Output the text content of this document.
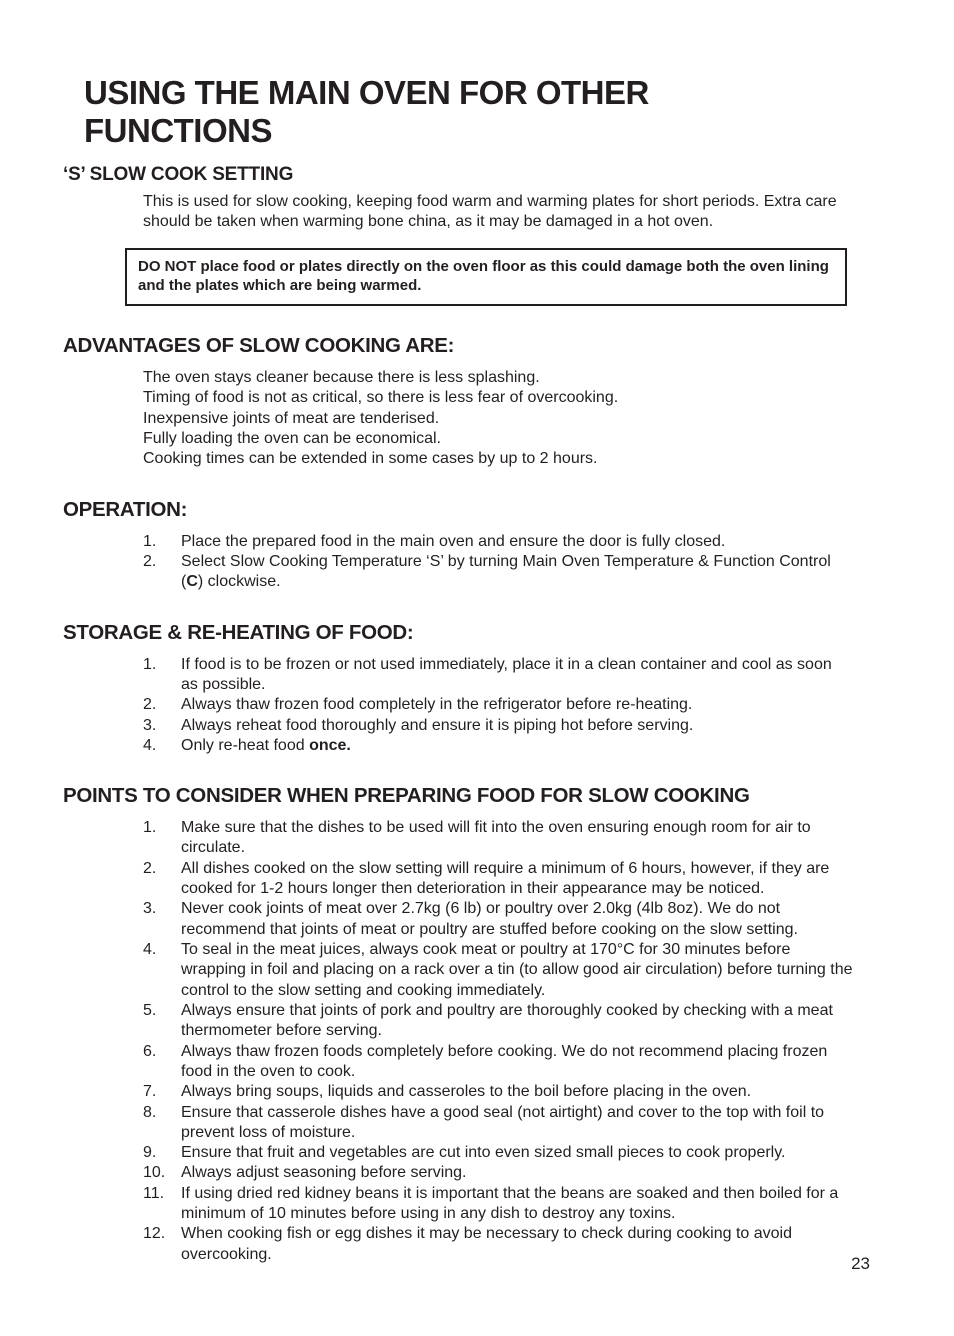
USING THE MAIN OVEN FOR OTHER FUNCTIONS
‘S’ SLOW COOK SETTING

This is used for slow cooking, keeping food warm and warming plates for short periods. Extra care should be taken when warming bone china, as it may be damaged in a hot oven.

DO NOT place food or plates directly on the oven floor as this could damage both the oven lining and the plates which are being warmed.
ADVANTAGES OF SLOW COOKING ARE:
The oven stays cleaner because there is less splashing.
Timing of food is not as critical, so there is less fear of overcooking.
Inexpensive joints of meat are tenderised.
Fully loading the oven can be economical.
Cooking times can be extended in some cases by up to 2 hours.
OPERATION:
1.	Place the prepared food in the main oven and ensure the door is fully closed.
2.	Select Slow Cooking Temperature ‘S’ by turning Main Oven Temperature & Function Control (C) clockwise.
STORAGE & RE-HEATING OF FOOD:
1.	If food is to be frozen or not used immediately, place it in a clean container and cool as soon as possible.
2.	Always thaw frozen food completely in the refrigerator before re-heating.
3.	Always reheat food thoroughly and ensure it is piping hot before serving.
4.	Only re-heat food once.
POINTS TO CONSIDER WHEN PREPARING FOOD FOR SLOW COOKING
1.	Make sure that the dishes to be used will fit into the oven ensuring enough room for air to circulate.
2.	All dishes cooked on the slow setting will require a minimum of 6 hours, however, if they are cooked for 1-2 hours longer then deterioration in their appearance may be noticed.
3.	Never cook joints of meat over 2.7kg (6 lb) or poultry over 2.0kg (4lb 8oz). We do not recommend that joints of meat or poultry are stuffed before cooking on the slow setting.
4.	To seal in the meat juices, always cook meat or poultry at 170°C for 30 minutes before wrapping in foil and placing on a rack over a tin (to allow good air circulation) before turning the control to the slow setting and cooking immediately.
5.	Always ensure that joints of pork and poultry are thoroughly cooked by checking with a meat thermometer before serving.
6.	Always thaw frozen foods completely before cooking. We do not recommend placing frozen food in the oven to cook.
7.	Always bring soups, liquids and casseroles to the boil before placing in the oven.
8.	Ensure that casserole dishes have a good seal (not airtight) and cover to the top with foil to prevent loss of moisture.
9.	Ensure that fruit and vegetables are cut into even sized small pieces to cook properly.
10. Always adjust seasoning before serving.
11.	If using dried red kidney beans it is important that the beans are soaked and then boiled for a minimum of 10 minutes before using in any dish to destroy any toxins.
12. When cooking fish or egg dishes it may be necessary to check during cooking to avoid overcooking.	23
